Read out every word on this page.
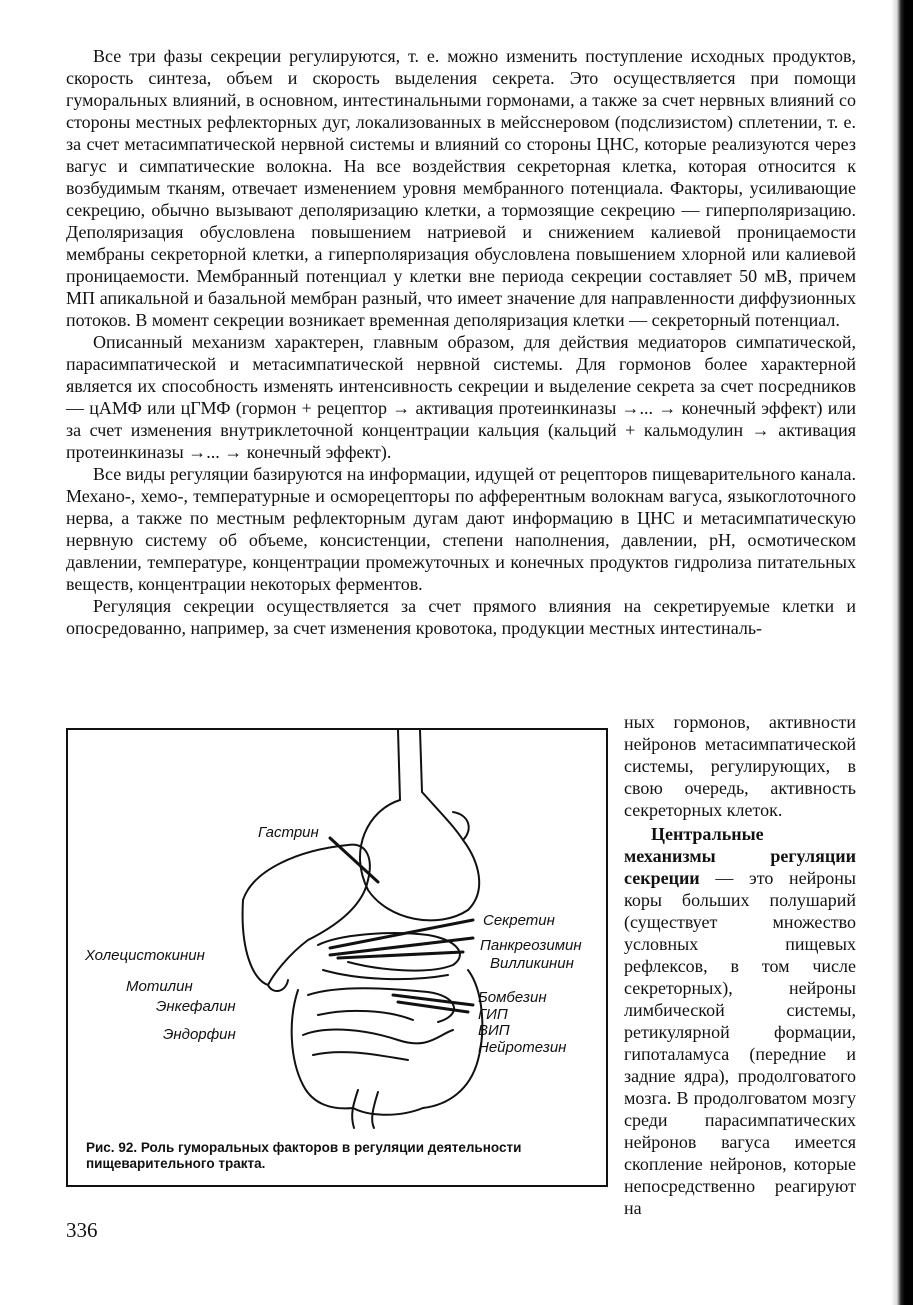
Все три фазы секреции регулируются, т. е. можно изменить поступление исходных продуктов, скорость синтеза, объем и скорость выделения секрета. Это осуществляется при помощи гуморальных влияний, в основном, интестинальными гормонами, а также за счет нервных влияний со стороны местных рефлекторных дуг, локализованных в мейсснеровом (подслизистом) сплетении, т. е. за счет метасимпатической нервной системы и влияний со стороны ЦНС, которые реализуются через вагус и симпатические волокна. На все воздействия секреторная клетка, которая относится к возбудимым тканям, отвечает изменением уровня мембранного потенциала. Факторы, усиливающие секрецию, обычно вызывают деполяризацию клетки, а тормозящие секрецию — гиперполяризацию. Деполяризация обусловлена повышением натриевой и снижением калиевой проницаемости мембраны секреторной клетки, а гиперполяризация обусловлена повышением хлорной или калиевой проницаемости. Мембранный потенциал у клетки вне периода секреции составляет 50 мВ, причем МП апикальной и базальной мембран разный, что имеет значение для направленности диффузионных потоков. В момент секреции возникает временная деполяризация клетки — секреторный потенциал.

Описанный механизм характерен, главным образом, для действия медиаторов симпатической, парасимпатической и метасимпатической нервной системы. Для гормонов более характерной является их способность изменять интенсивность секреции и выделение секрета за счет посредников — цАМФ или цГМФ (гормон + рецептор → активация протеинкиназы →... → конечный эффект) или за счет изменения внутриклеточной концентрации кальция (кальций + кальмодулин → активация протеинкиназы →... → конечный эффект).

Все виды регуляции базируются на информации, идущей от рецепторов пищеварительного канала. Механо-, хемо-, температурные и осморецепторы по афферентным волокнам вагуса, языкоглоточного нерва, а также по местным рефлекторным дугам дают информацию в ЦНС и метасимпатическую нервную систему об объеме, консистенции, степени наполнения, давлении, pH, осмотическом давлении, температуре, концентрации промежуточных и конечных продуктов гидролиза питательных веществ, концентрации некоторых ферментов.

Регуляция секреции осуществляется за счет прямого влияния на секретируемые клетки и опосредованно, например, за счет изменения кровотока, продукции местных интестиналь-

Гастрин
Секретин
Панкреозимин
Вилликинин
Холецистокинин
Мотилин
Энкефалин
Эндорфин
Бомбезин
ГИП
ВИП
Нейротезин
Рис. 92. Роль гуморальных факторов в регуляции деятельности пищеварительного тракта.

ных гормонов, активности нейронов метасимпатической системы, регулирующих, в свою очередь, активность секреторных клеток.

Центральные механизмы регуляции секреции — это нейроны коры больших полушарий (существует множество условных пищевых рефлексов, в том числе секреторных), нейроны лимбической системы, ретикулярной формации, гипоталамуса (передние и задние ядра), продолговатого мозга. В продолговатом мозгу среди парасимпатических нейронов вагуса имеется скопление нейронов, которые непосредственно реагируют на

336
